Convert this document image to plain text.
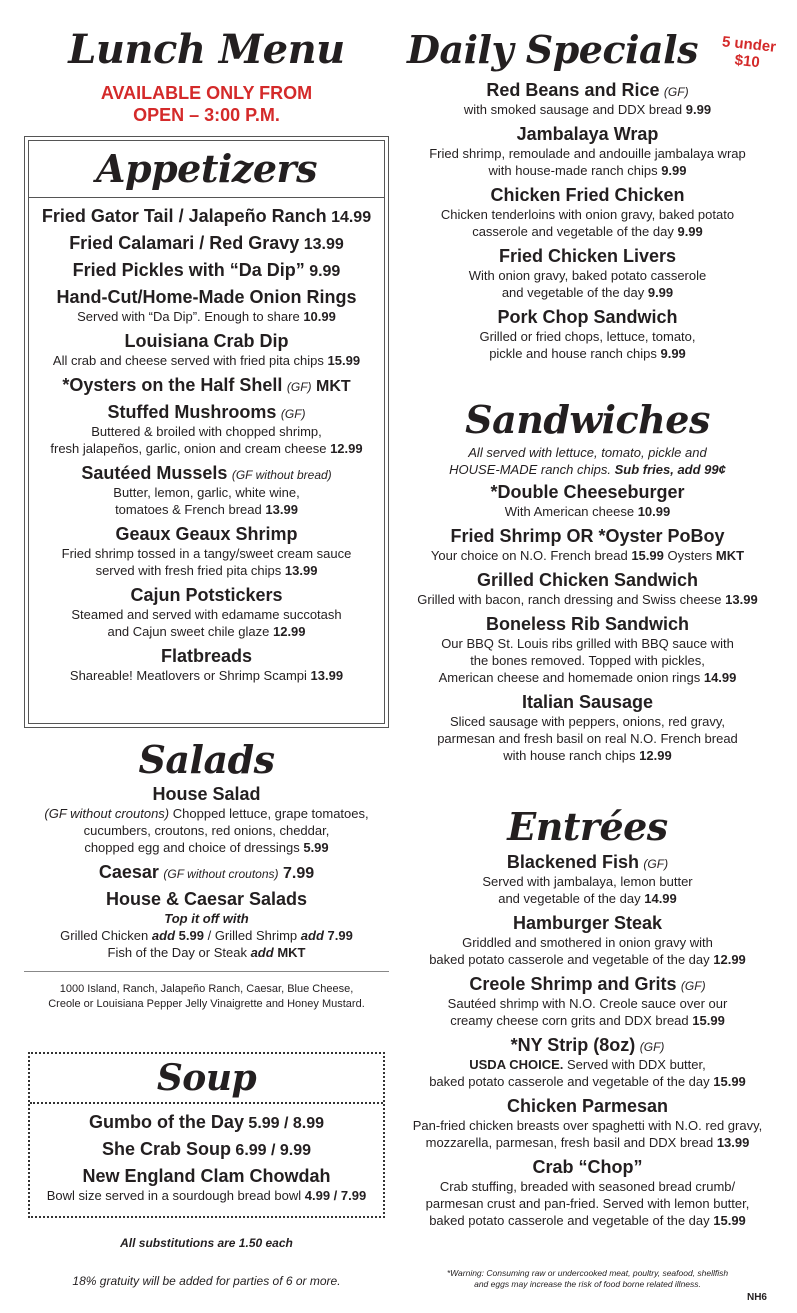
Lunch Menu
AVAILABLE ONLY FROM
OPEN – 3:00 P.M.
Appetizers
Fried Gator Tail / Jalapeño Ranch 14.99
Fried Calamari / Red Gravy 13.99
Fried Pickles with “Da Dip” 9.99
Hand-Cut/Home-Made Onion Rings
Served with “Da Dip”. Enough to share 10.99
Louisiana Crab Dip
All crab and cheese served with fried pita chips 15.99
*Oysters on the Half Shell (GF) MKT
Stuffed Mushrooms (GF)
Buttered & broiled with chopped shrimp,
fresh jalapeños, garlic, onion and cream cheese 12.99
Sautéed Mussels (GF without bread)
Butter, lemon, garlic, white wine,
tomatoes & French bread 13.99
Geaux Geaux Shrimp
Fried shrimp tossed in a tangy/sweet cream sauce
served with fresh fried pita chips 13.99
Cajun Potstickers
Steamed and served with edamame succotash
and Cajun sweet chile glaze 12.99
Flatbreads
Shareable! Meatlovers or Shrimp Scampi 13.99
Salads
House Salad
(GF without croutons) Chopped lettuce, grape tomatoes,
cucumbers, croutons, red onions, cheddar,
chopped egg and choice of dressings 5.99
Caesar (GF without croutons) 7.99
House & Caesar Salads
Top it off with
Grilled Chicken add 5.99 / Grilled Shrimp add 7.99
Fish of the Day or Steak add MKT
1000 Island, Ranch, Jalapeño Ranch, Caesar, Blue Cheese,
Creole or Louisiana Pepper Jelly Vinaigrette and Honey Mustard.
Soup
Gumbo of the Day 5.99 / 8.99
She Crab Soup 6.99 / 9.99
New England Clam Chowdah
Bowl size served in a sourdough bread bowl 4.99 / 7.99
All substitutions are 1.50 each
18% gratuity will be added for parties of 6 or more.
Daily Specials 5 under
$10
Red Beans and Rice (GF)
with smoked sausage and DDX bread 9.99
Jambalaya Wrap
Fried shrimp, remoulade and andouille jambalaya wrap
with house-made ranch chips 9.99
Chicken Fried Chicken
Chicken tenderloins with onion gravy, baked potato
casserole and vegetable of the day 9.99
Fried Chicken Livers
With onion gravy, baked potato casserole
and vegetable of the day 9.99
Pork Chop Sandwich
Grilled or fried chops, lettuce, tomato,
pickle and house ranch chips 9.99
Sandwiches
All served with lettuce, tomato, pickle and
HOUSE-MADE ranch chips. Sub fries, add 99¢
*Double Cheeseburger
With American cheese 10.99
Fried Shrimp OR *Oyster PoBoy
Your choice on N.O. French bread 15.99 Oysters MKT
Grilled Chicken Sandwich
Grilled with bacon, ranch dressing and Swiss cheese 13.99
Boneless Rib Sandwich
Our BBQ St. Louis ribs grilled with BBQ sauce with
the bones removed. Topped with pickles,
American cheese and homemade onion rings 14.99
Italian Sausage
Sliced sausage with peppers, onions, red gravy,
parmesan and fresh basil on real N.O. French bread
with house ranch chips 12.99
Entrées
Blackened Fish (GF)
Served with jambalaya, lemon butter
and vegetable of the day 14.99
Hamburger Steak
Griddled and smothered in onion gravy with
baked potato casserole and vegetable of the day 12.99
Creole Shrimp and Grits (GF)
Sautéed shrimp with N.O. Creole sauce over our
creamy cheese corn grits and DDX bread 15.99
*NY Strip (8oz) (GF)
USDA CHOICE. Served with DDX butter,
baked potato casserole and vegetable of the day 15.99
Chicken Parmesan
Pan-fried chicken breasts over spaghetti with N.O. red gravy,
mozzarella, parmesan, fresh basil and DDX bread 13.99
Crab “Chop”
Crab stuffing, breaded with seasoned bread crumb/
parmesan crust and pan-fried. Served with lemon butter,
baked potato casserole and vegetable of the day 15.99
*Warning: Consuming raw or undercooked meat, poultry, seafood, shellfish
and eggs may increase the risk of food borne related illness.
NH6
